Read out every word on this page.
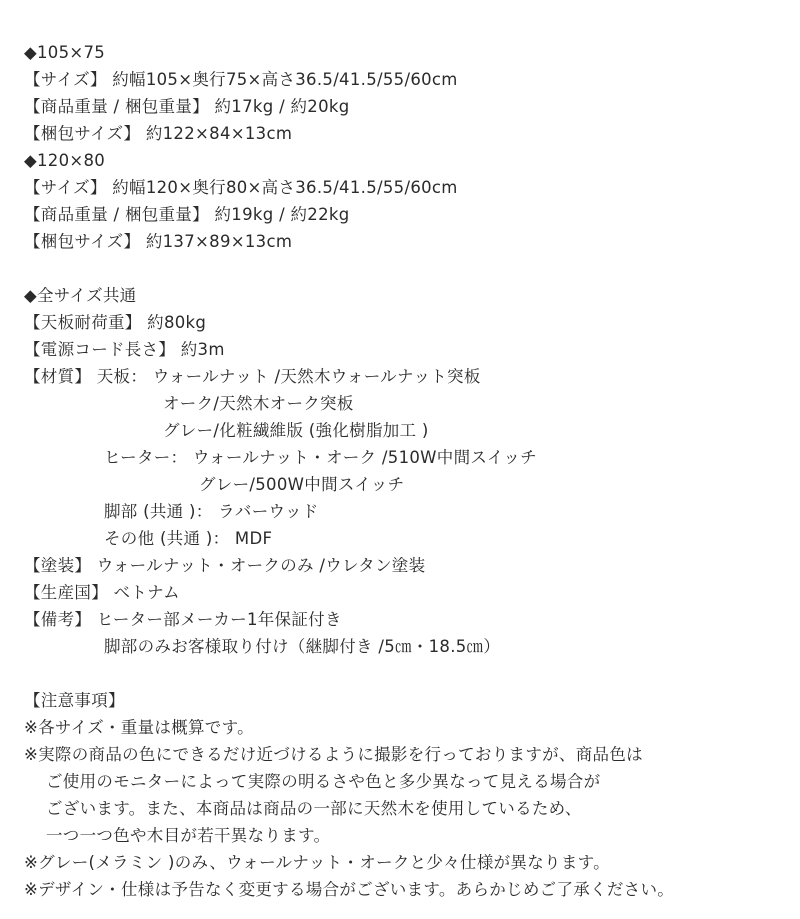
◆105×75
【サイズ】 約幅105×奥行75×高さ36.5/41.5/55/60cm
【商品重量 / 梱包重量】 約17kg / 約20kg
【梱包サイズ】 約122×84×13cm
◆120×80
【サイズ】 約幅120×奥行80×高さ36.5/41.5/55/60cm
【商品重量 / 梱包重量】 約19kg / 約22kg
【梱包サイズ】 約137×89×13cm
◆全サイズ共通
【天板耐荷重】 約80kg
【電源コード長さ】 約3m
【材質】 天板： ウォールナット /天然木ウォールナット突板
オーク/天然木オーク突板
グレー/化粧繊維版 (強化樹脂加工 )
ヒーター： ウォールナット・オーク /510W中間スイッチ
グレー/500W中間スイッチ
脚部 (共通 )： ラバーウッド
その他 (共通 )： MDF
【塗装】 ウォールナット・オークのみ /ウレタン塗装
【生産国】 ベトナム
【備考】 ヒーター部メーカー1年保証付き
脚部のみお客様取り付け（継脚付き /5㎝・18.5㎝）
【注意事項】
※各サイズ・重量は概算です。
※実際の商品の色にできるだけ近づけるように撮影を行っておりますが、商品色は
ご使用のモニターによって実際の明るさや色と多少異なって見える場合が
ございます。また、本商品は商品の一部に天然木を使用しているため、
一つ一つ色や木目が若干異なります。
※グレー(メラミン )のみ、ウォールナット・オークと少々仕様が異なります。
※デザイン・仕様は予告なく変更する場合がございます。あらかじめご了承ください。
